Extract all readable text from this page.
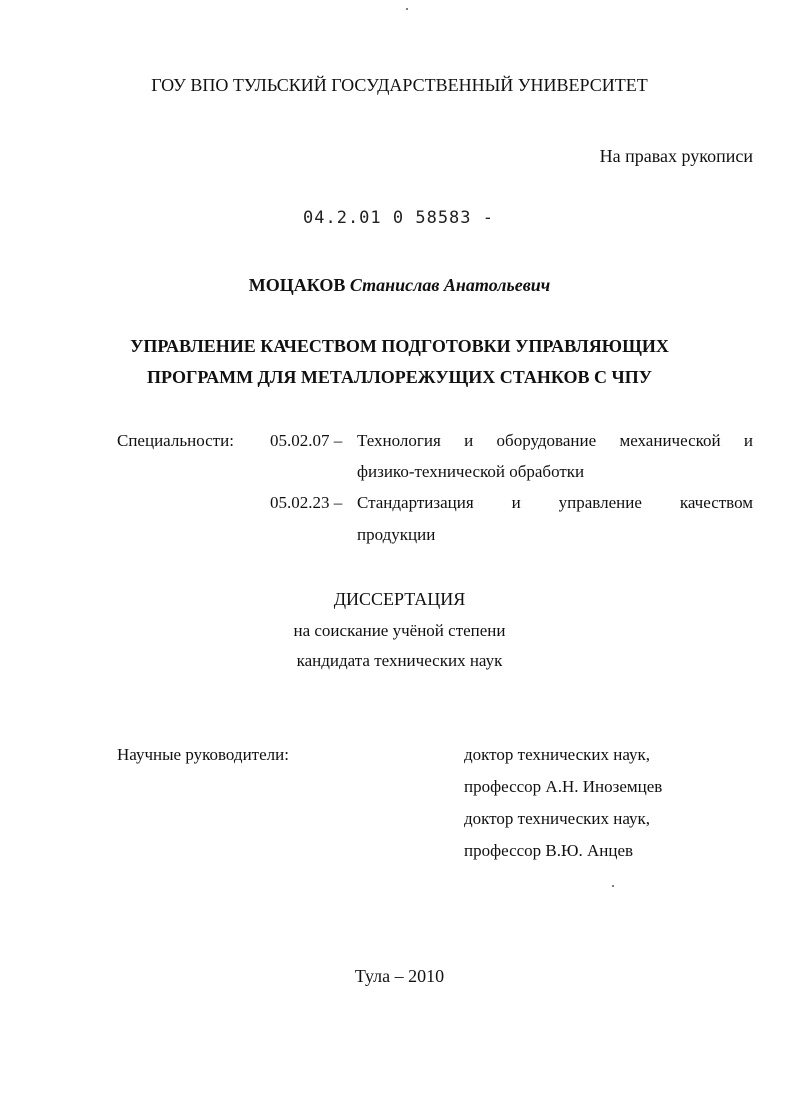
ГОУ ВПО ТУЛЬСКИЙ ГОСУДАРСТВЕННЫЙ УНИВЕРСИТЕТ
На правах рукописи
04.2.01 0 58583 -
МОЦАКОВ Станислав Анатольевич
УПРАВЛЕНИЕ КАЧЕСТВОМ ПОДГОТОВКИ УПРАВЛЯЮЩИХ
ПРОГРАММ ДЛЯ МЕТАЛЛОРЕЖУЩИХ СТАНКОВ С ЧПУ
Специальности: 05.02.07 – Технология и оборудование механической и
физико-технической обработки
05.02.23 – Стандартизация и управление качеством
продукции
ДИССЕРТАЦИЯ
на соискание учёной степени
кандидата технических наук
Научные руководители:	доктор технических наук,
профессор А.Н. Иноземцев
доктор технических наук,
профессор В.Ю. Анцев
Тула – 2010
